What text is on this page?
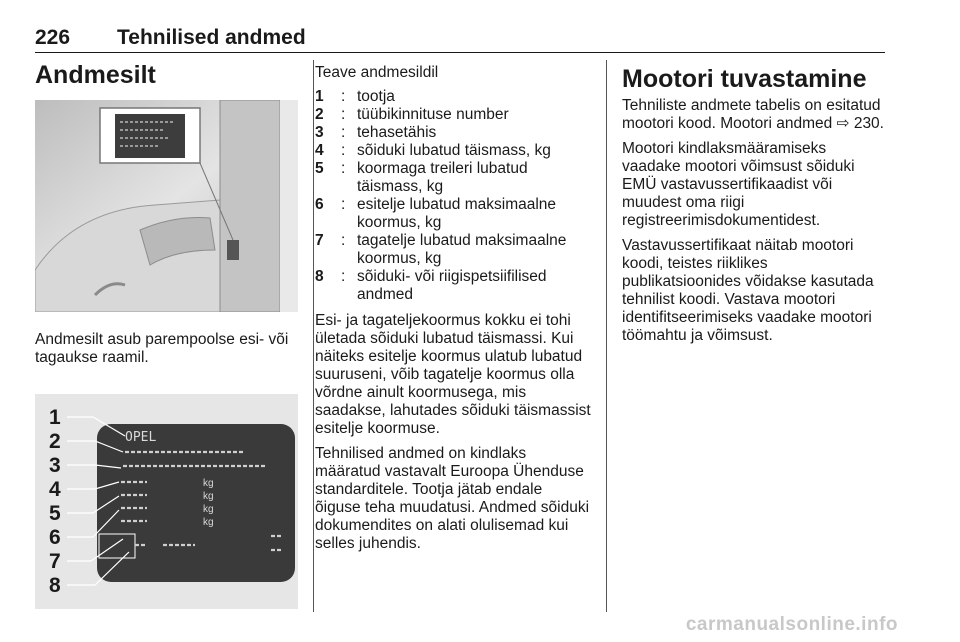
226 Tehnilised andmed
Andmesilt

Andmesilt asub parempoolse esi- või tagaukse raamil.

1
2
3
4
5
6
7
8
OPEL
kg
kg
kg
kg

Teave andmesildil

1 : tootja
2 : tüübikinnituse number
3 : tehasetähis
4 : sõiduki lubatud täismass, kg
5 : koormaga treileri lubatud täismass, kg
6 : esitelje lubatud maksimaalne koormus, kg
7 : tagatelje lubatud maksimaalne koormus, kg
8 : sõiduki- või riigispetsiifilised andmed

Esi- ja tagateljekoormus kokku ei tohi ületada sõiduki lubatud täismassi. Kui näiteks esitelje koormus ulatub lubatud suuruseni, võib tagatelje koormus olla võrdne ainult koormusega, mis saadakse, lahutades sõiduki täismassist esitelje koormuse.

Tehnilised andmed on kindlaks määratud vastavalt Euroopa Ühenduse standarditele. Tootja jätab endale õiguse teha muudatusi. Andmed sõiduki dokumendites on alati olulisemad kui selles juhendis.

Mootori tuvastamine

Tehniliste andmete tabelis on esitatud mootori kood. Mootori andmed ⇨ 230.

Mootori kindlaksmääramiseks vaadake mootori võimsust sõiduki EMÜ vastavussertifikaadist või muudest oma riigi registreerimisdokumentidest.

Vastavussertifikaat näitab mootori koodi, teistes riiklikes publikatsioonides võidakse kasutada tehnilist koodi. Vastava mootori identifitseerimiseks vaadake mootori töömahtu ja võimsust.

carmanualsonline.info
